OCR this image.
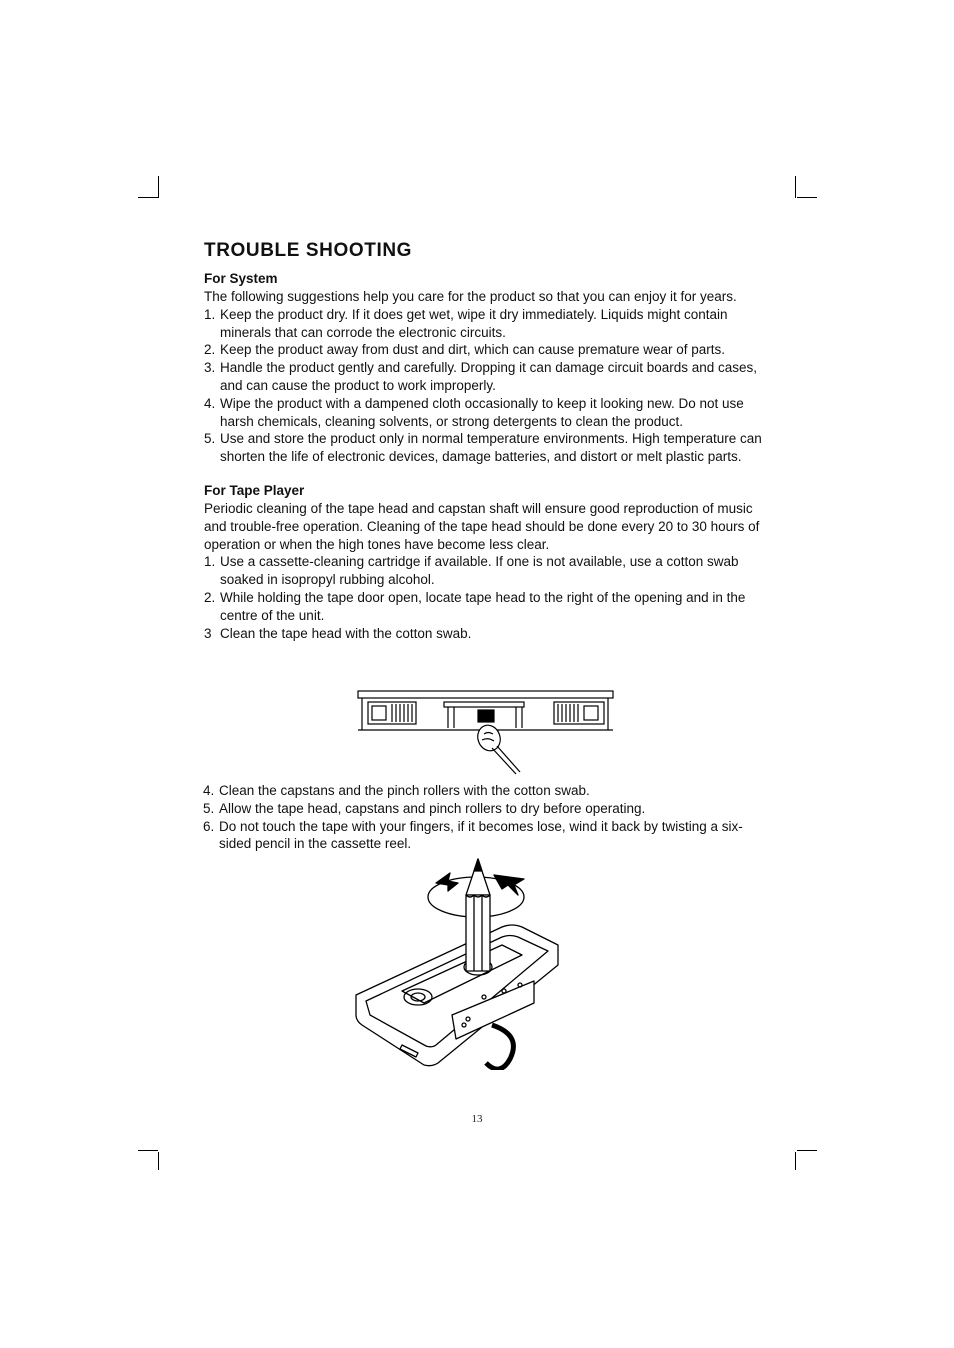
TROUBLE SHOOTING

For System

The following suggestions help you care for the product so that you can enjoy it for years.

1. Keep the product dry. If it does get wet, wipe it dry immediately. Liquids might contain minerals that can corrode the electronic circuits.
2. Keep the product away from dust and dirt, which can cause premature wear of parts.
3. Handle the product gently and carefully. Dropping it can damage circuit boards and cases, and can cause the product to work improperly.
4. Wipe the product with a dampened cloth occasionally to keep it looking new. Do not use harsh chemicals, cleaning solvents, or strong detergents to clean the product.
5. Use and store the product only in normal temperature environments. High temperature can shorten the life of electronic devices, damage batteries, and distort or melt plastic parts.

For Tape Player

Periodic cleaning of the tape head and capstan shaft will ensure good reproduction of music and trouble-free operation. Cleaning of the tape head should be done every 20 to 30 hours of operation or when the high tones have become less clear.

1. Use a cassette-cleaning cartridge if available. If one is not available, use a cotton swab soaked in isopropyl rubbing alcohol.
2. While holding the tape door open, locate tape head to the right of the opening and in the centre of the unit.
3 Clean the tape head with the cotton swab.
4. Clean the capstans and the pinch rollers with the cotton swab.
5. Allow the tape head, capstans and pinch rollers to dry before operating.
6. Do not touch the tape with your fingers, if it becomes lose, wind it back by twisting a six-sided pencil in the cassette reel.
13
